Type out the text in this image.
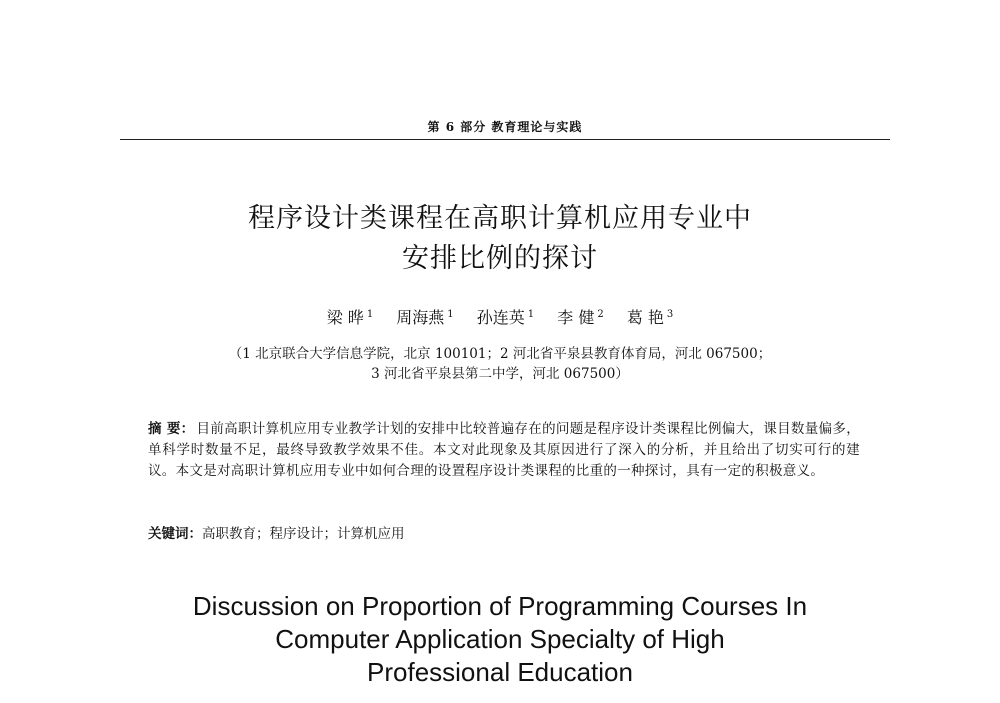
第 6 部分 教育理论与实践
程序设计类课程在高职计算机应用专业中
安排比例的探讨
梁 晔 $^1$ 周海燕 $^1$ 孙连英 $^1$ 李 健 $^2$ 葛 艳 $^3$
（1 北京联合大学信息学院，北京 100101；2 河北省平泉县教育体育局，河北 067500；
3 河北省平泉县第二中学，河北 067500）
摘 要： 目前高职计算机应用专业教学计划的安排中比较普遍存在的问题是程序设计类课程比例偏大，课目数量偏多，单科学时数量不足，最终导致教学效果不佳。本文对此现象及其原因进行了深入的分析，并且给出了切实可行的建议。本文是对高职计算机应用专业中如何合理的设置程序设计类课程的比重的一种探讨，具有一定的积极意义。
关键词：高职教育；程序设计；计算机应用
Discussion on Proportion of Programming Courses In
Computer Application Specialty of High
Professional Education
